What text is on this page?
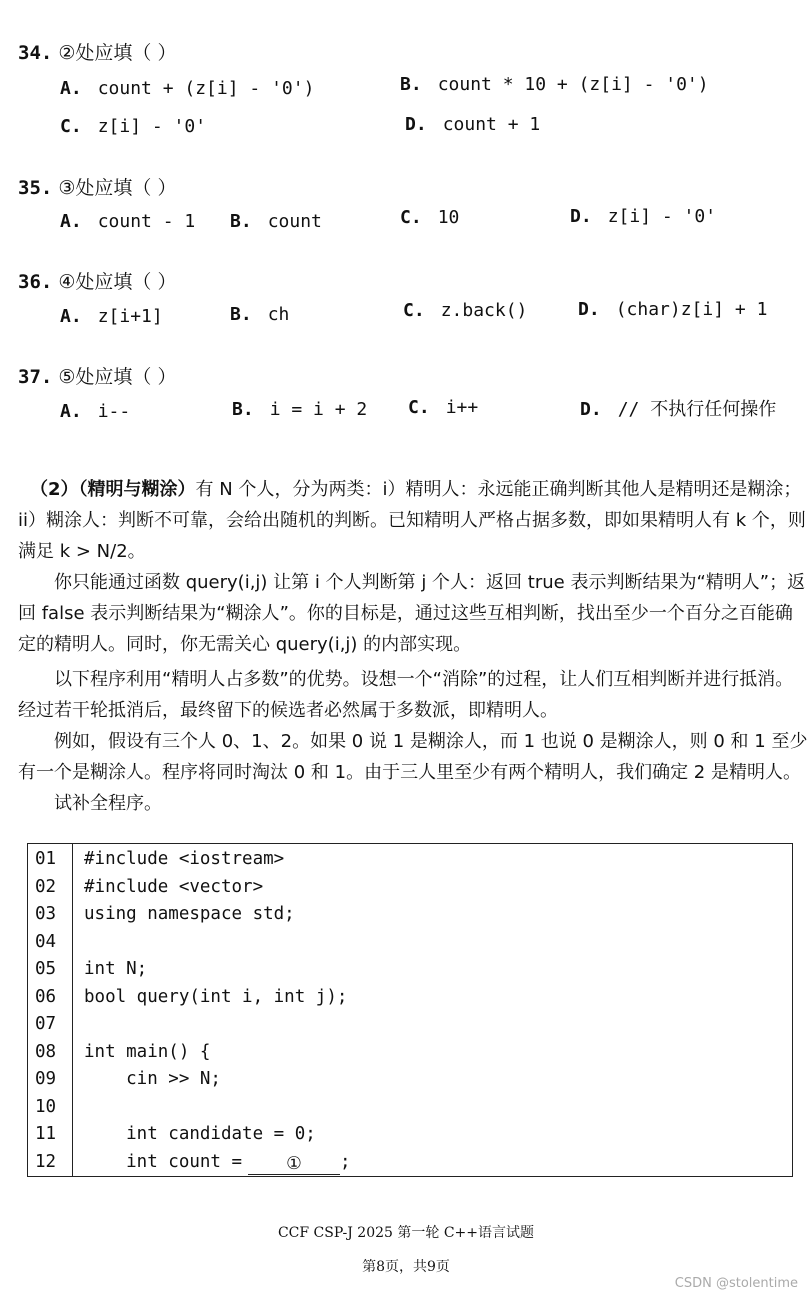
34. ②处应填（ ）
A. count + (z[i] - '0')	B. count * 10 + (z[i] - '0')
C. z[i] - '0'	D. count + 1
35. ③处应填（ ）
A. count - 1 B. count	C. 10	D. z[i] - '0'
36. ④处应填（ ）
A. z[i+1]	B. ch	C. z.back()	D. (char)z[i] + 1
37. ⑤处应填（ ）
A. i--	B. i = i + 2 C. i++	D. // 不执行任何操作

（2）（精明与糊涂）有 N 个人，分为两类：i）精明人：永远能正确判断其他人是精明还是糊涂；ii）糊涂人：判断不可靠，会给出随机的判断。已知精明人严格占据多数，即如果精明人有 k 个，则满足 k > N/2。

你只能通过函数 query(i,j) 让第 i 个人判断第 j 个人：返回 true 表示判断结果为“精明人”；返回 false 表示判断结果为“糊涂人”。你的目标是，通过这些互相判断，找出至少一个百分之百能确定的精明人。同时，你无需关心 query(i,j) 的内部实现。

以下程序利用“精明人占多数”的优势。设想一个“消除”的过程，让人们互相判断并进行抵消。经过若干轮抵消后，最终留下的候选者必然属于多数派，即精明人。

例如，假设有三个人 0、1、2。如果 0 说 1 是糊涂人，而 1 也说 0 是糊涂人，则 0 和 1 至少有一个是糊涂人。程序将同时淘汰 0 和 1。由于三人里至少有两个精明人，我们确定 2 是精明人。

试补全程序。

01 #include <iostream>
02 #include <vector>
03 using namespace std;
04
05 int N;
06 bool query(int i, int j);
07
08 int main() {
09 cin >> N;
10
11 int candidate = 0;
12 int count =	① ;
CCF CSP-J 2025 第一轮 C++语言试题
第8页，共9页
CSDN @stolentime
